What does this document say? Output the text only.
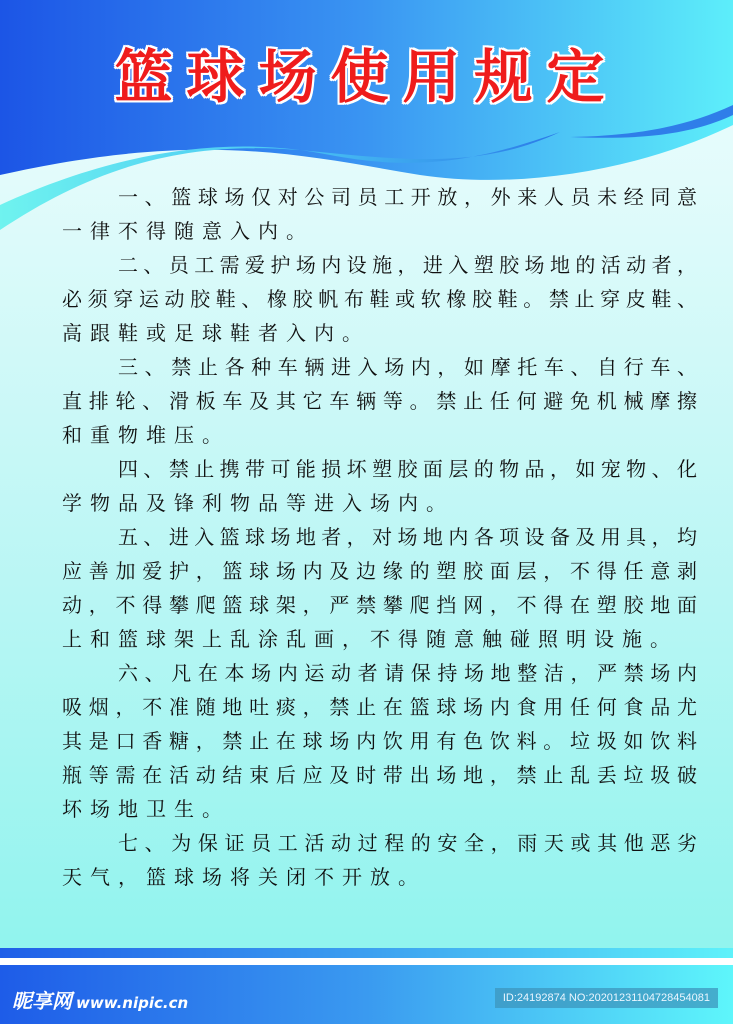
篮球场使用规定
一、篮球场仅对公司员工开放，外来人员未经同意
一律不得随意入内。
二、员工需爱护场内设施，进入塑胶场地的活动者，
必须穿运动胶鞋、橡胶帆布鞋或软橡胶鞋。禁止穿皮鞋、
高跟鞋或足球鞋者入内。
三、禁止各种车辆进入场内，如摩托车、自行车、
直排轮、滑板车及其它车辆等。禁止任何避免机械摩擦
和重物堆压。
四、禁止携带可能损坏塑胶面层的物品，如宠物、化
学物品及锋利物品等进入场内。
五、进入篮球场地者，对场地内各项设备及用具，均
应善加爱护，篮球场内及边缘的塑胶面层，不得任意剥
动，不得攀爬篮球架，严禁攀爬挡网，不得在塑胶地面
上和篮球架上乱涂乱画，不得随意触碰照明设施。
六、凡在本场内运动者请保持场地整洁，严禁场内
吸烟，不准随地吐痰，禁止在篮球场内食用任何食品尤
其是口香糖，禁止在球场内饮用有色饮料。垃圾如饮料
瓶等需在活动结束后应及时带出场地，禁止乱丢垃圾破
坏场地卫生。
七、为保证员工活动过程的安全，雨天或其他恶劣
天气，篮球场将关闭不开放。
昵享网 www.nipic.cn	ID:24192874 NO:20201231104728454081
